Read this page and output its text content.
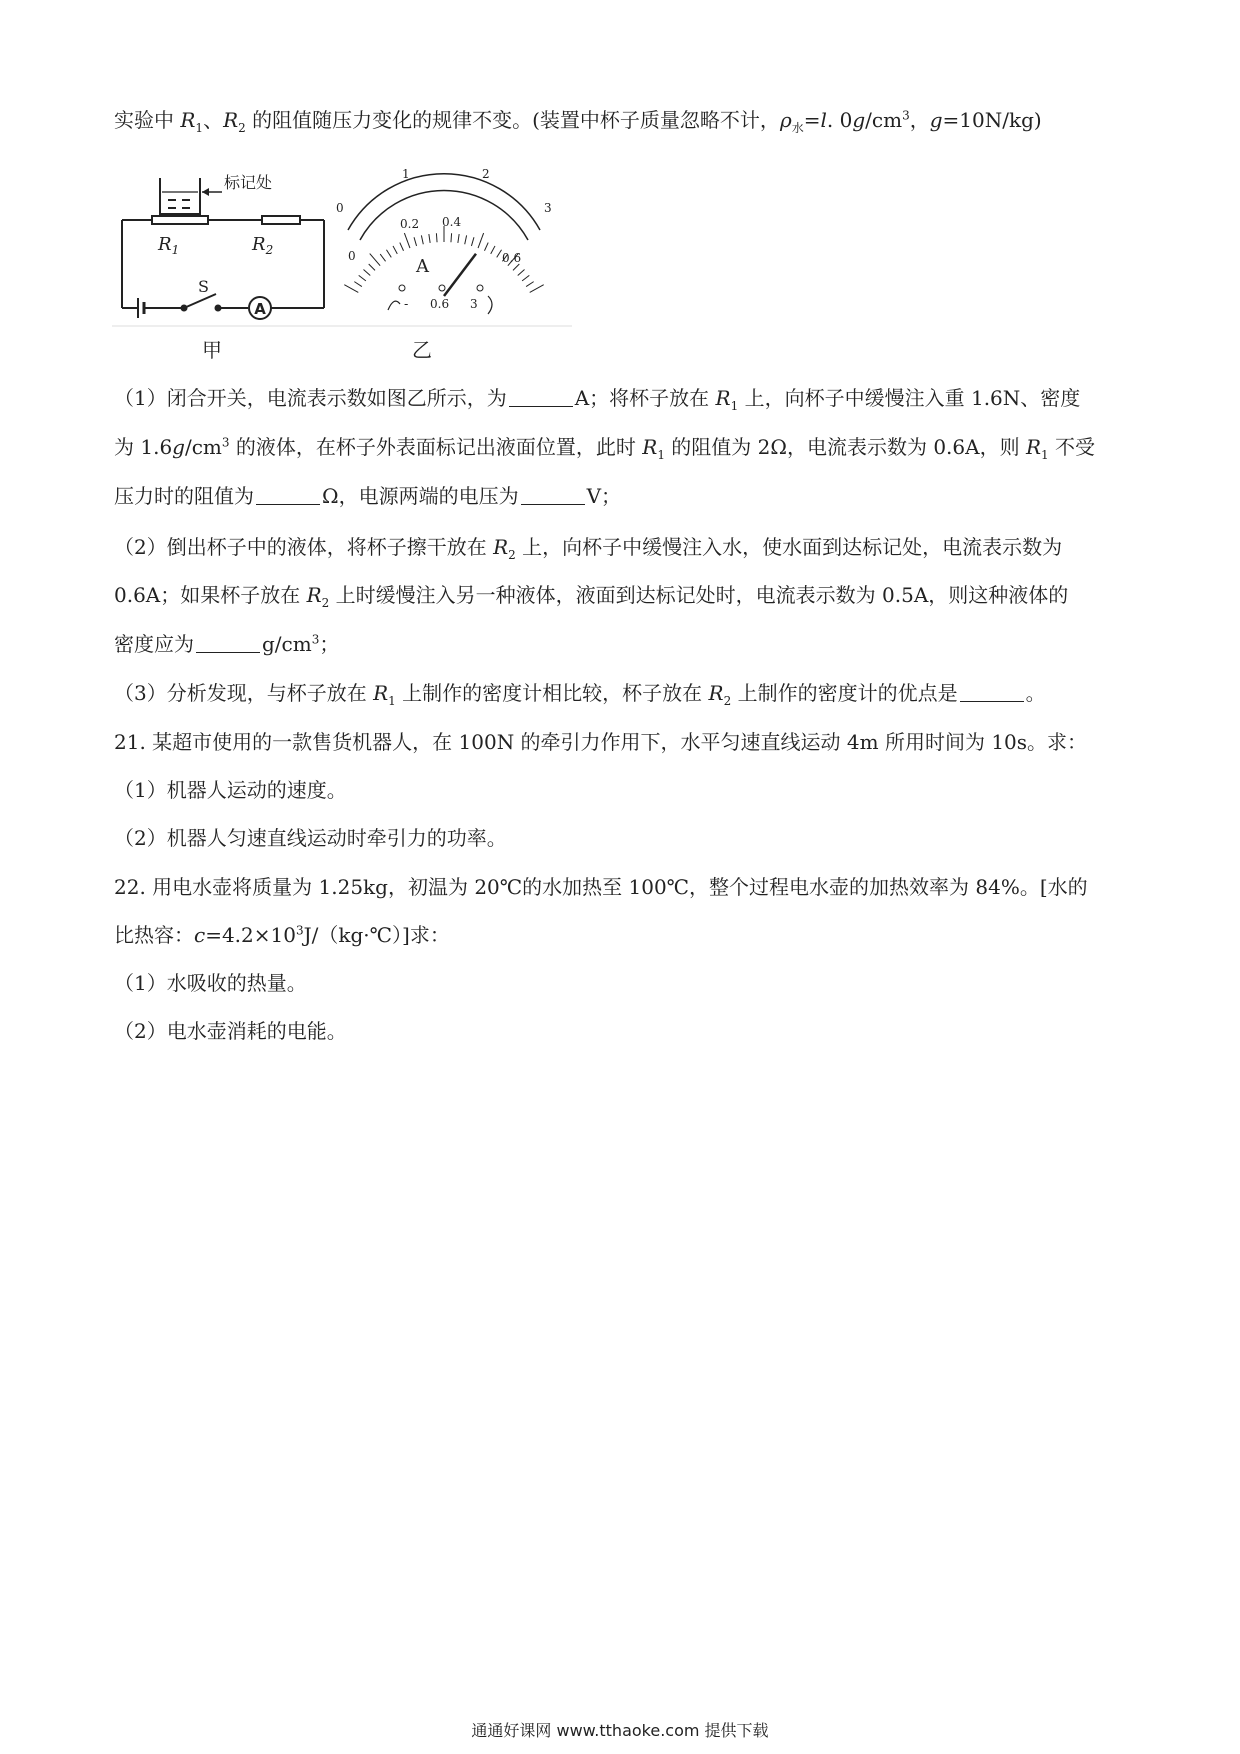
实验中 $R_1$、$R_2$ 的阻值随压力变化的规律不变。(装置中杯子质量忽略不计，$\rho_水=l$. $0g/cm^3$，g=10N/kg)
$R_1$	$R_2$
标记处
S
A
0
1	2
3
0
0.2 0.4
0.6
A
- 0.6 3
甲	乙
（1）闭合开关，电流表示数如图乙所示，为	A；将杯子放在 $R_1$ 上，向杯子中缓慢注入重 1.6N、密度
为 $1.6g/cm^3$ 的液体，在杯子外表面标记出液面位置，此时 $R_1$ 的阻值为 2Ω，电流表示数为 0.6A，则 $R_1$ 不受
压力时的阻值为	Ω，电源两端的电压为	V；
（2）倒出杯子中的液体，将杯子擦干放在 $R_2$ 上，向杯子中缓慢注入水，使水面到达标记处，电流表示数为
0.6A；如果杯子放在 $R_2$ 上时缓慢注入另一种液体，液面到达标记处时，电流表示数为 0.5A，则这种液体的
密度应为	$g/cm^3$；
（3）分析发现，与杯子放在 $R_1$ 上制作的密度计相比较，杯子放在 $R_2$ 上制作的密度计的优点是	。
21. 某超市使用的一款售货机器人，在 100N 的牵引力作用下，水平匀速直线运动 4m 所用时间为 10s。求：
（1）机器人运动的速度。
（2）机器人匀速直线运动时牵引力的功率。
22. 用电水壶将质量为 1.25kg，初温为 20℃的水加热至 100℃，整个过程电水壶的加热效率为 84%。[水的
比热容：$c=4.2\times 10^3J/(kg\cdot℃)$]求：
（1）水吸收的热量。
（2）电水壶消耗的电能。
通通好课网 www.tthaoke.com 提供下载
